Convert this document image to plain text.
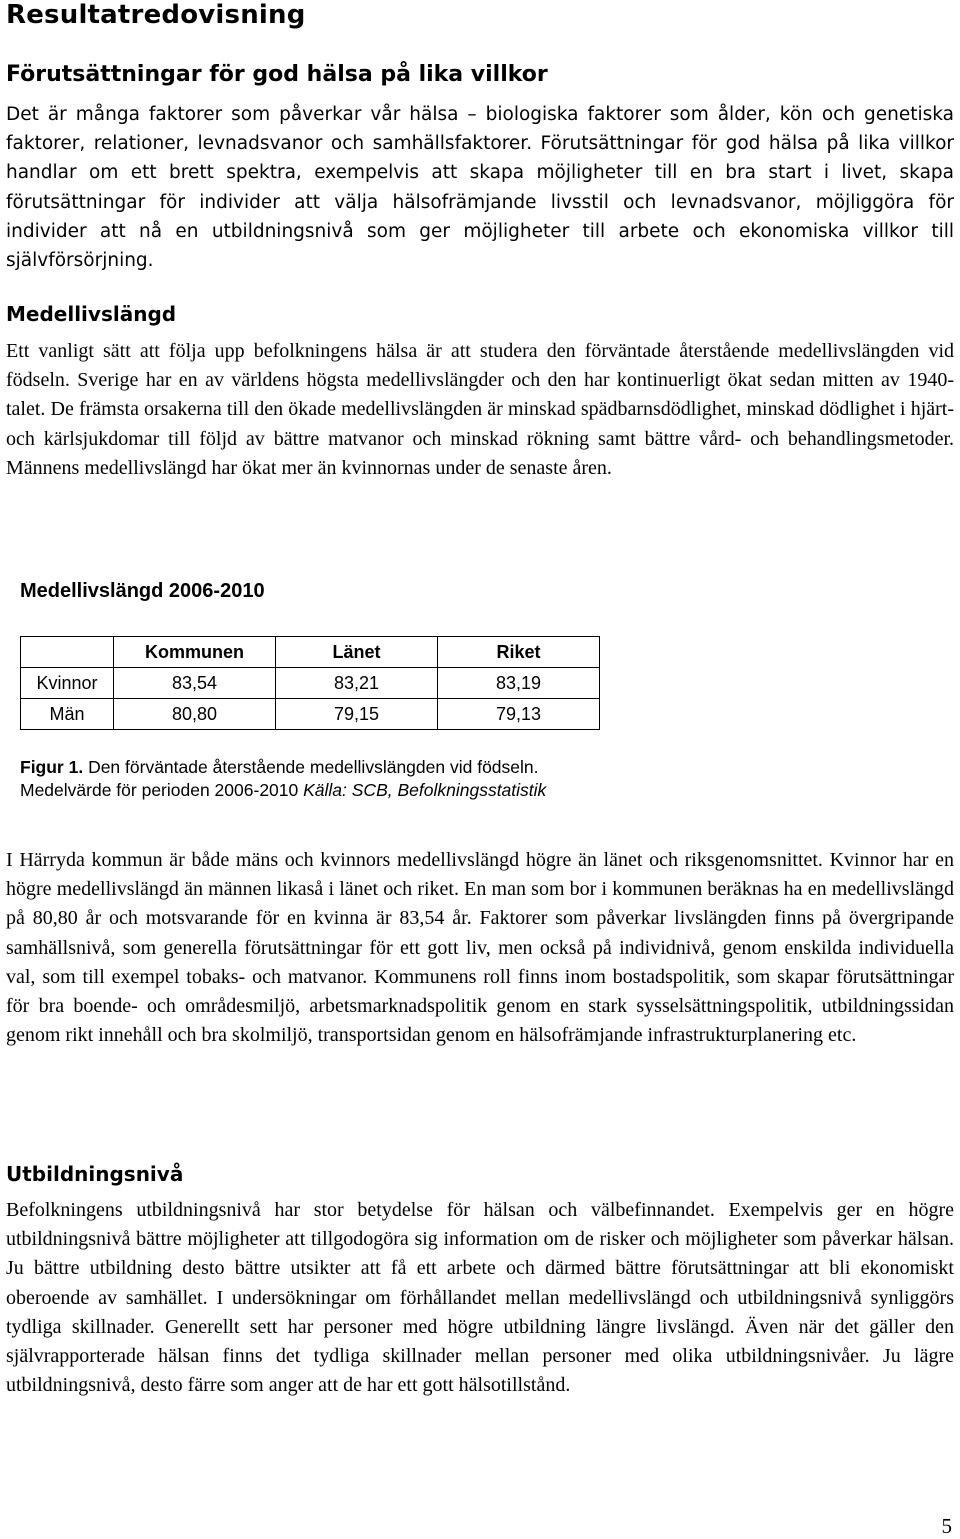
Resultatredovisning
Förutsättningar för god hälsa på lika villkor

Det är många faktorer som påverkar vår hälsa – biologiska faktorer som ålder, kön och genetiska faktorer, relationer, levnadsvanor och samhällsfaktorer. Förutsättningar för god hälsa på lika villkor handlar om ett brett spektra, exempelvis att skapa möjligheter till en bra start i livet, skapa förutsättningar för individer att välja hälsofrämjande livsstil och levnadsvanor, möjliggöra för individer att nå en utbildningsnivå som ger möjligheter till arbete och ekonomiska villkor till självförsörjning.

Medellivslängd

Ett vanligt sätt att följa upp befolkningens hälsa är att studera den förväntade återstående medellivslängden vid födseln. Sverige har en av världens högsta medellivslängder och den har kontinuerligt ökat sedan mitten av 1940-talet. De främsta orsakerna till den ökade medellivslängden är minskad spädbarnsdödlighet, minskad dödlighet i hjärt- och kärlsjukdomar till följd av bättre matvanor och minskad rökning samt bättre vård- och behandlingsmetoder. Männens medellivslängd har ökat mer än kvinnornas under de senaste åren.

Medellivslängd 2006-2010
	Kommunen	Länet	Riket
Kvinnor	83,54	83,21	83,19
Män	80,80	79,15	79,13
Figur 1. Den förväntade återstående medellivslängden vid födseln.
Medelvärde för perioden 2006-2010 Källa: SCB, Befolkningsstatistik

I Härryda kommun är både mäns och kvinnors medellivslängd högre än länet och riksgenomsnittet. Kvinnor har en högre medellivslängd än männen likaså i länet och riket. En man som bor i kommunen beräknas ha en medellivslängd på 80,80 år och motsvarande för en kvinna är 83,54 år. Faktorer som påverkar livslängden finns på övergripande samhällsnivå, som generella förutsättningar för ett gott liv, men också på individnivå, genom enskilda individuella val, som till exempel tobaks- och matvanor. Kommunens roll finns inom bostadspolitik, som skapar förutsättningar för bra boende- och områdesmiljö, arbetsmarknadspolitik genom en stark sysselsättningspolitik, utbildningssidan genom rikt innehåll och bra skolmiljö, transportsidan genom en hälsofrämjande infrastrukturplanering etc.

Utbildningsnivå

Befolkningens utbildningsnivå har stor betydelse för hälsan och välbefinnandet. Exempelvis ger en högre utbildningsnivå bättre möjligheter att tillgodogöra sig information om de risker och möjligheter som påverkar hälsan. Ju bättre utbildning desto bättre utsikter att få ett arbete och därmed bättre förutsättningar att bli ekonomiskt oberoende av samhället. I undersökningar om förhållandet mellan medellivslängd och utbildningsnivå synliggörs tydliga skillnader. Generellt sett har personer med högre utbildning längre livslängd. Även när det gäller den självrapporterade hälsan finns det tydliga skillnader mellan personer med olika utbildningsnivåer. Ju lägre utbildningsnivå, desto färre som anger att de har ett gott hälsotillstånd.

5
